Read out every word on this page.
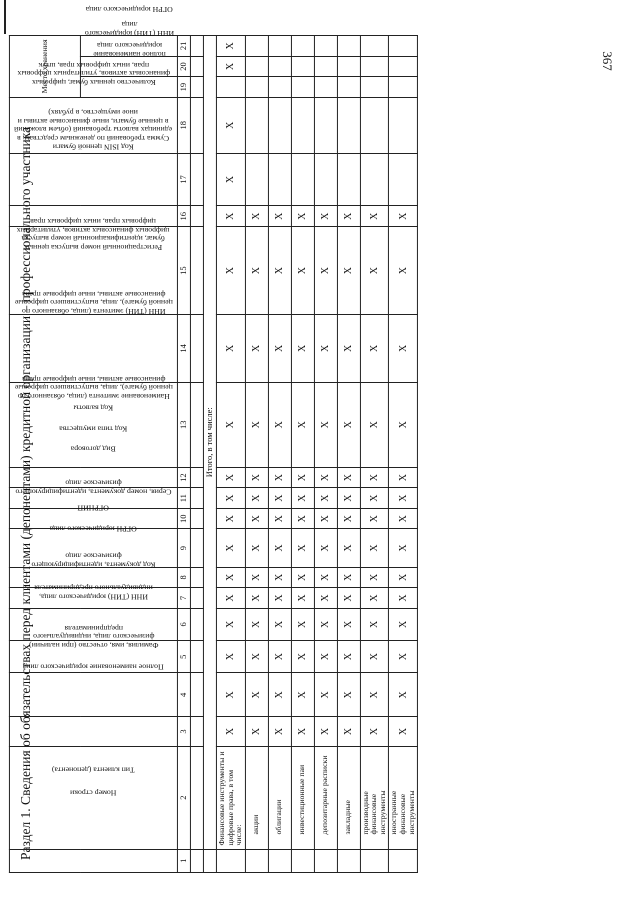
367
Раздел 1. Сведения об обязательствах перед клиентами (депонентами) кредитной организации – профессионального участника	Номер строки	Тип клиента (депонента)	Полное наименование юридического лица	Фамилия, имя, отчество (при наличии) физического лица, индивидуального предпринимателя	ИНН (ТИН) юридического лица, индивидуального предпринимателя	Код документа, идентифицирующего физическое лицо	ОГРН юридического лица	ОГРНИП	Серия, номер документа, идентифицирующего физическое лицо	Вид договора	Код типа имущества	Код валюты	Наименование эмитента (лица, обязанного по ценной бумаге), лица, выпустившего цифровые финансовые активы, иные цифровые права	ИНН (ТИН) эмитента (лица, обязанного по ценной бумаге), лица, выпустившего цифровые финансовые активы, иные цифровые права	Регистрационный номер выпуска ценных бумаг, идентификационный номер выпуска цифровых финансовых активов, утилитарных цифровых прав, иных цифровых прав	Код ISIN ценной бумаги	Сумма требований по денежным средствам, в единицах валюты требований (объем вложений в ценные бумаги, иные финансовые активы и иное имущество, в рублях)	Количество ценных бумаг, цифровых финансовых активов, утилитарных цифровых прав, иных цифровых прав, штук	Место хранения		
																		полное наименование юридического лица	ИНН (ТИН) юридического лица	ОГРН юридического лица
1	2	3	4	5	6	7	8	9	10	11	12	13	14	15	16	17	18	19	20	21

	Итого, в том числе:																			
	Финансовые инструменты и цифровые права, в том числе:	X	X	X	X	X	X	X	X	X	X	X	X	X	X	X	X		X	X
	акции	X	X	X	X	X	X	X	X	X	X	X	X	X	X					
	облигации	X	X	X	X	X	X	X	X	X	X	X	X	X	X					
	инвестиционные паи	X	X	X	X	X	X	X	X	X	X	X	X	X	X					
	депозитарные расписки	X	X	X	X	X	X	X	X	X	X	X	X	X	X					
	закладные	X	X	X	X	X	X	X	X	X	X	X	X	X	X					
	производные финансовые инструменты	X	X	X	X	X	X	X	X	X	X	X	X	X	X					
	иностранные финансовые инструменты	X	X	X	X	X	X	X	X	X	X	X	X	X	X					
